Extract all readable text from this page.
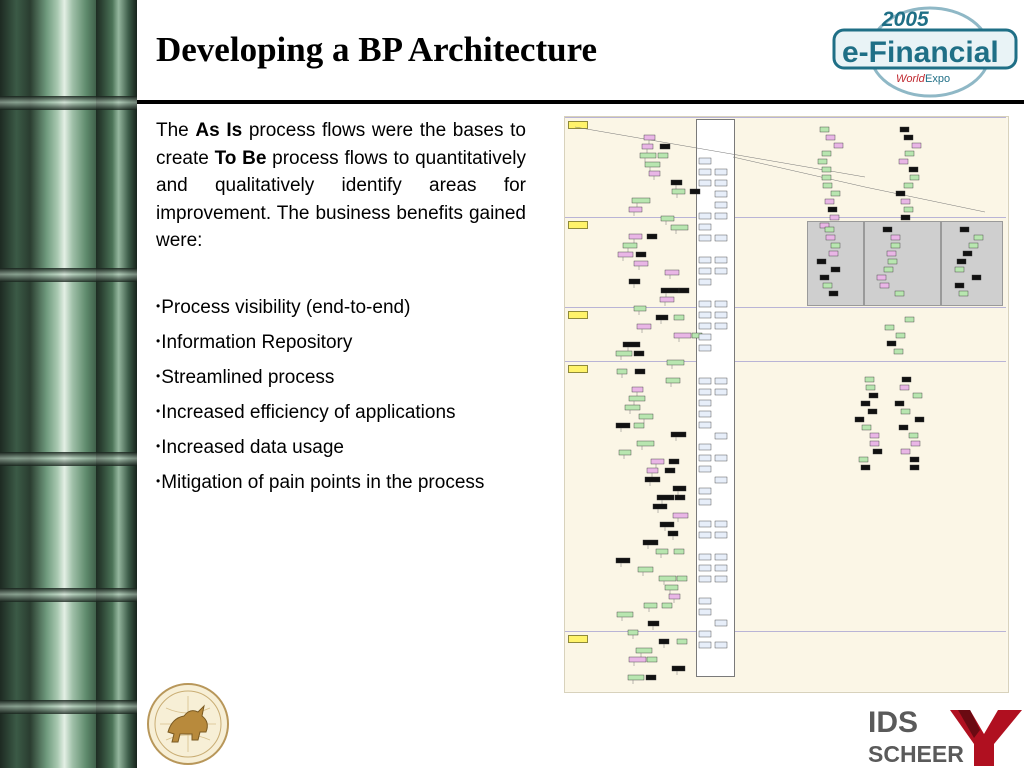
Developing a BP Architecture
2005
e-Financial
World Expo

The As Is process flows were the bases to create To Be process flows to quantitatively and qualitatively identify areas for improvement. The business benefits gained were:

•Process visibility (end-to-end)
•Information Repository
•Streamlined process
•Increased efficiency of applications
•Increased data usage
•Mitigation of pain points in the process
IDS
SCHEER
